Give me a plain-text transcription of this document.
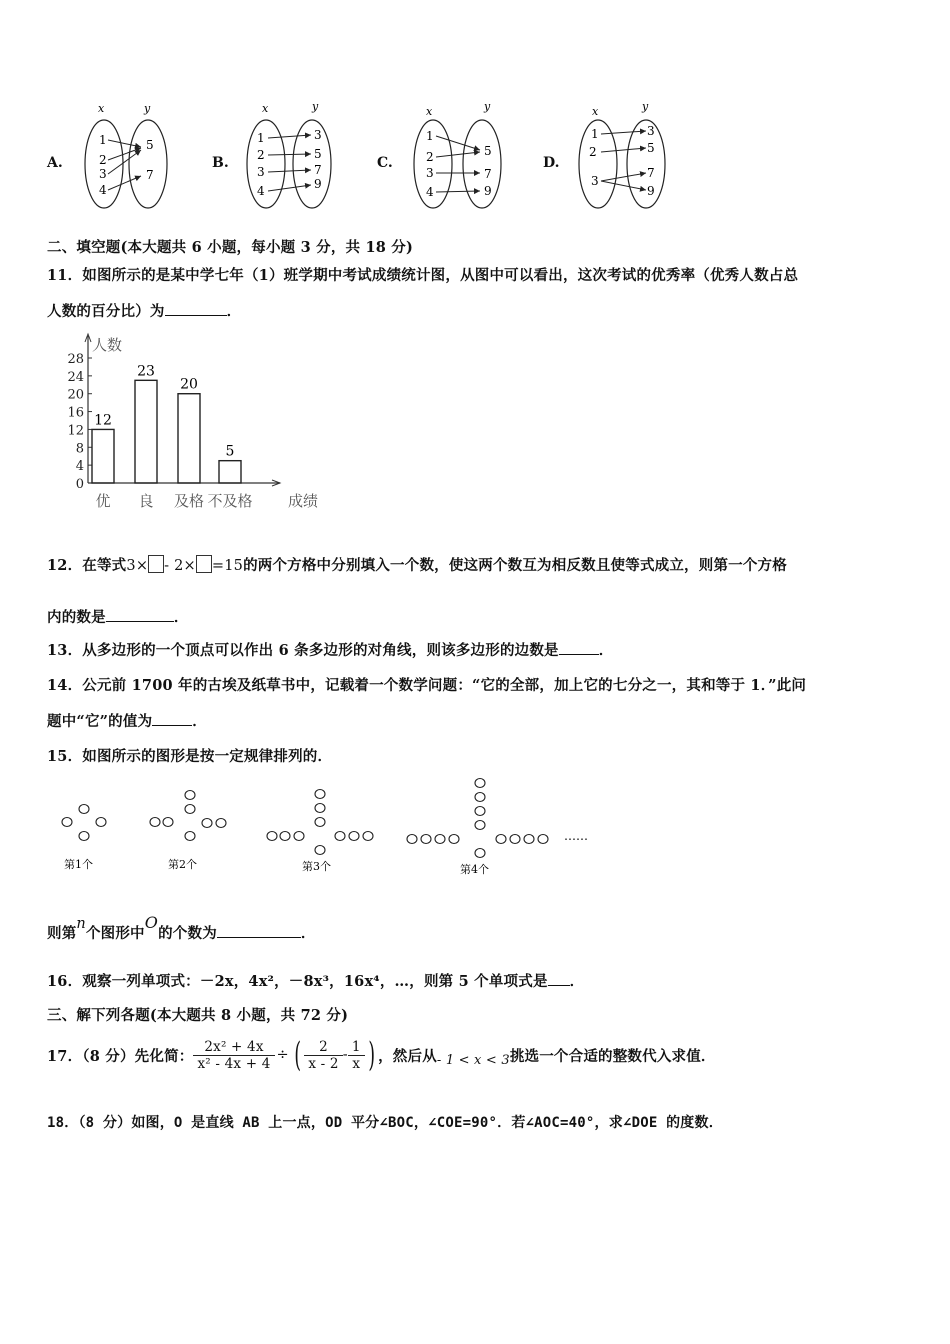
A.
x	y
1
2
3
4
5
7
B.
x	y
1
2
3
4
3
5
7
9
C.
x	y
1
2
3
4
5
7
9
D.
x	y
1
2
3
3
5
7
9
二、填空题(本大题共 6 小题，每小题 3 分，共 18 分)
11．如图所示的是某中学七年（1）班学期中考试成绩统计图，从图中可以看出，这次考试的优秀率（优秀人数占总
人数的百分比）为	．
人数
0
4
8
12
16
20
24
28
12
优
23
良
20
及格
5
不及格 成绩
12．在等式3× - 2× =15的两个方格中分别填入一个数，使这两个数互为相反数且使等式成立，则第一个方格
内的数是	．
13．从多边形的一个顶点可以作出 6 条多边形的对角线，则该多边形的边数是	．
14．公元前 1700 年的古埃及纸草书中，记载着一个数学问题：“它的全部，加上它的七分之一，其和等于 1．”此问
题中“它”的值为	．
15．如图所示的图形是按一定规律排列的．
第1个	第2个	第3个	第4个
……
则第n个图形中O的个数为	．
16．观察一列单项式：－2x，4x²，－8x³，16x⁴，…，则第 5 个单项式是 ．
三、解下列各题(本大题共 8 小题，共 72 分)
17．（8 分）先化简： $\frac{\text{2x² + 4x}}{\text{x² - 4x + 4}}$ ÷ ( $\frac{2}{x - 2} - \frac{1}{x}$ ) ，然后从 - 1 < x < 3 挑选一个合适的整数代入求值．
18．（8 分）如图，O 是直线 AB 上一点，OD 平分∠BOC，∠COE=90°．若∠AOC=40°，求∠DOE 的度数．
